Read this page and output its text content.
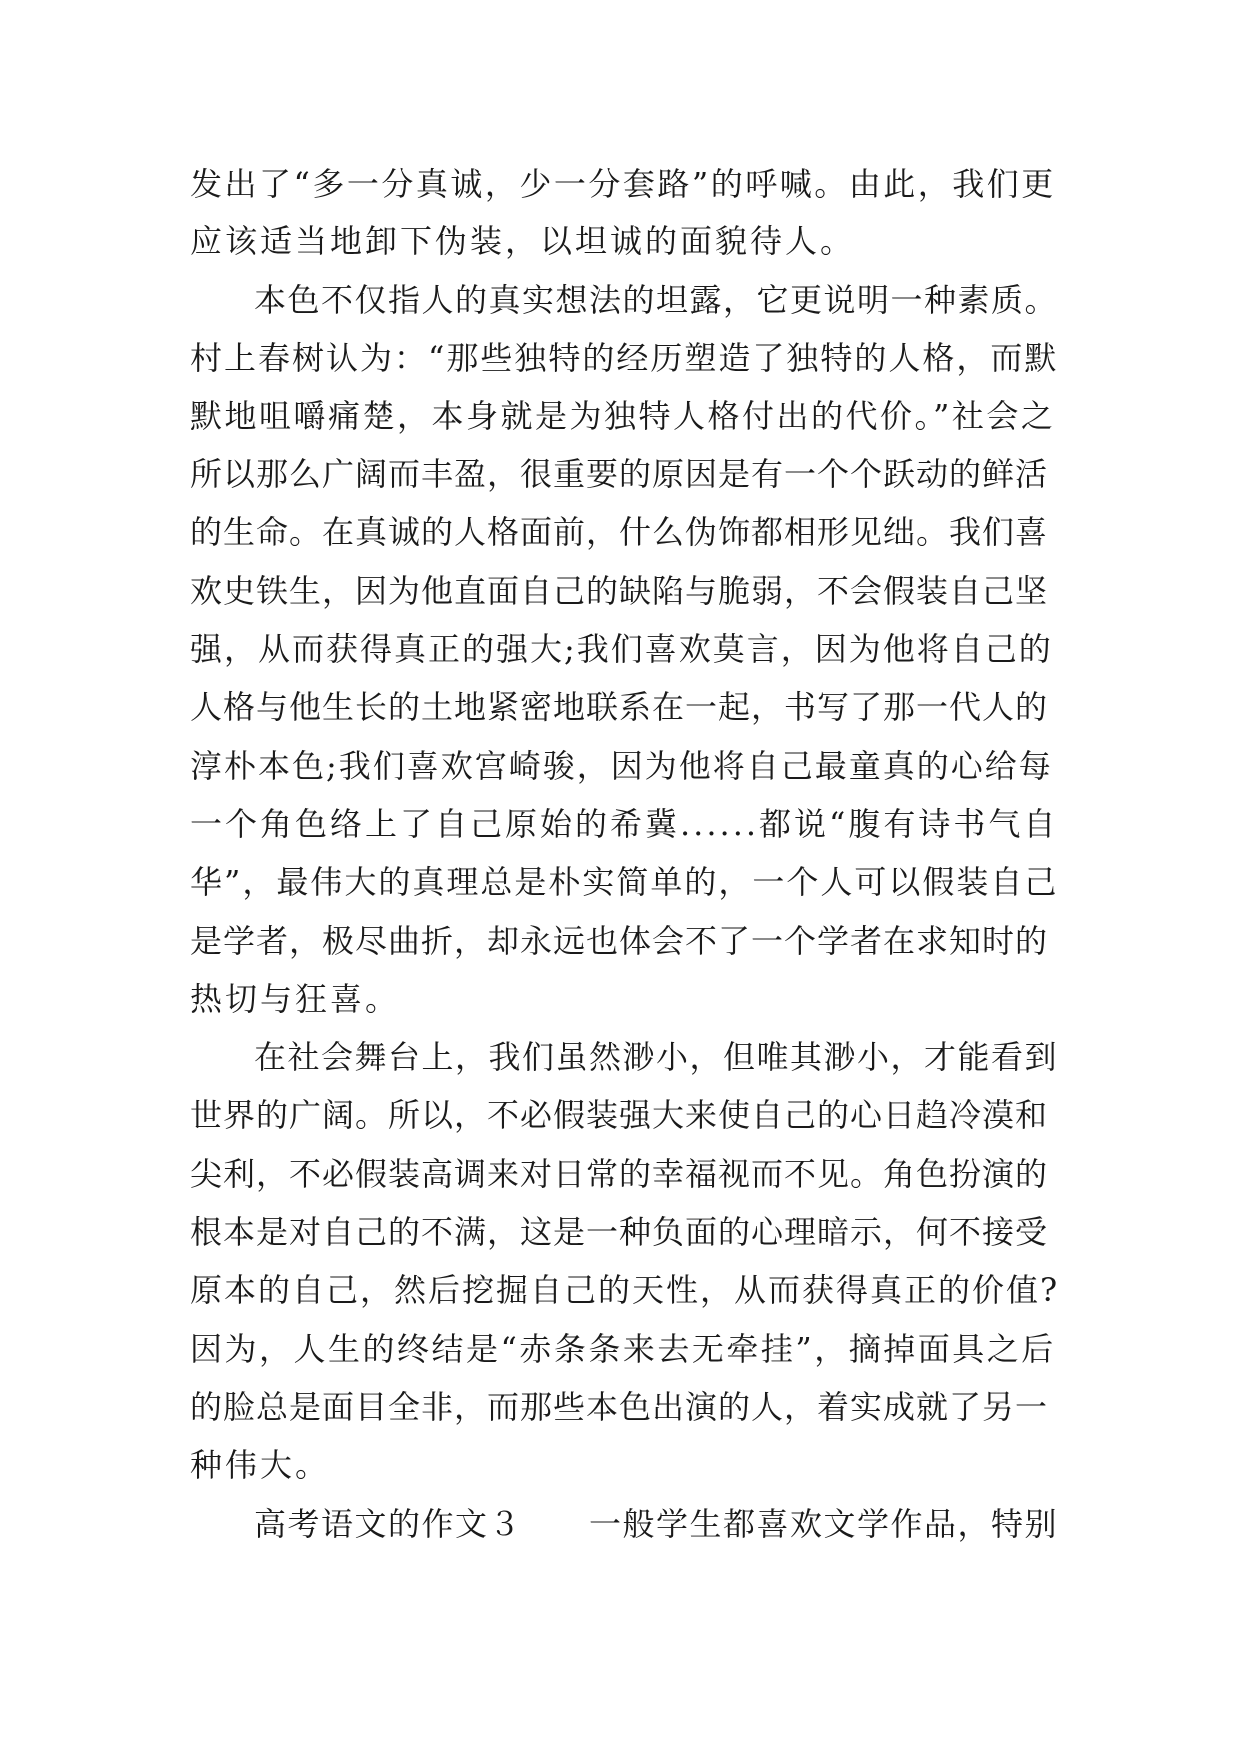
发出了“多一分真诚，少一分套路”的呼喊。由此，我们更
应该适当地卸下伪装，以坦诚的面貌待人。
本色不仅指人的真实想法的坦露，它更说明一种素质。
村上春树认为：“那些独特的经历塑造了独特的人格，而默
默地咀嚼痛楚，本身就是为独特人格付出的代价。”社会之
所以那么广阔而丰盈，很重要的原因是有一个个跃动的鲜活
的生命。在真诚的人格面前，什么伪饰都相形见绌。我们喜
欢史铁生，因为他直面自己的缺陷与脆弱，不会假装自己坚
强，从而获得真正的强大;我们喜欢莫言，因为他将自己的
人格与他生长的土地紧密地联系在一起，书写了那一代人的
淳朴本色;我们喜欢宫崎骏，因为他将自己最童真的心给每
一个角色络上了自己原始的希冀......都说“腹有诗书气自
华”，最伟大的真理总是朴实简单的，一个人可以假装自己
是学者，极尽曲折，却永远也体会不了一个学者在求知时的
热切与狂喜。
在社会舞台上，我们虽然渺小，但唯其渺小，才能看到
世界的广阔。所以，不必假装强大来使自己的心日趋冷漠和
尖利，不必假装高调来对日常的幸福视而不见。角色扮演的
根本是对自己的不满，这是一种负面的心理暗示，何不接受
原本的自己，然后挖掘自己的天性，从而获得真正的价值?
因为，人生的终结是“赤条条来去无牵挂”，摘掉面具之后
的脸总是面目全非，而那些本色出演的人，着实成就了另一
种伟大。
高考语文的作文３　　一般学生都喜欢文学作品，特别
